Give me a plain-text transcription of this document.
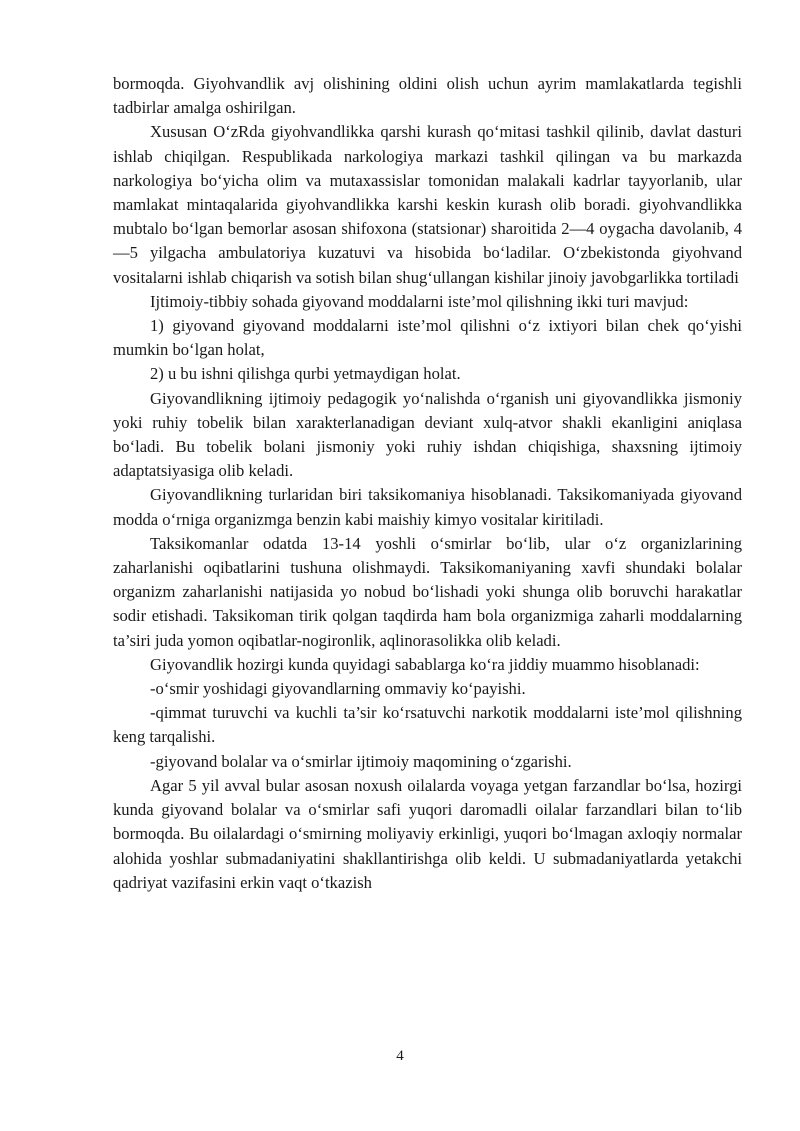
bormoqda. Giyohvandlik avj olishining oldini olish uchun ayrim mamlakatlarda tegishli tadbirlar amalga oshirilgan.

Xususan O‘zRda giyohvandlikka qarshi kurash qo‘mitasi tashkil qilinib, davlat dasturi ishlab chiqilgan. Respublikada narkologiya markazi tashkil qilingan va bu markazda narkologiya bo‘yicha olim va mutaxassislar tomonidan malakali kadrlar tayyorlanib, ular mamlakat mintaqalarida giyohvandlikka karshi keskin kurash olib boradi. giyohvandlikka mubtalo bo‘lgan bemorlar asosan shifoxona (statsionar) sharoitida 2—4 oygacha davolanib, 4—5 yilgacha ambulatoriya kuzatuvi va hisobida bo‘ladilar. O‘zbekistonda giyohvand vositalarni ishlab chiqarish va sotish bilan shug‘ullangan kishilar jinoiy javobgarlikka tortiladi

Ijtimoiy-tibbiy sohada giyovand moddalarni iste’mol qilishning ikki turi mavjud:

1) giyovand giyovand moddalarni iste’mol qilishni o‘z ixtiyori bilan chek qo‘yishi mumkin bo‘lgan holat,

2) u bu ishni qilishga qurbi yetmaydigan holat.

Giyovandlikning ijtimoiy pedagogik yo‘nalishda o‘rganish uni giyovandlikka jismoniy yoki ruhiy tobelik bilan xarakterlanadigan deviant xulq-atvor shakli ekanligini aniqlasa bo‘ladi. Bu tobelik bolani jismoniy yoki ruhiy ishdan chiqishiga, shaxsning ijtimoiy adaptatsiyasiga olib keladi.

Giyovandlikning turlaridan biri taksikomaniya hisoblanadi. Taksikomaniyada giyovand modda o‘rniga organizmga benzin kabi maishiy kimyo vositalar kiritiladi.

Taksikomanlar odatda 13-14 yoshli o‘smirlar bo‘lib, ular o‘z organizlarining zaharlanishi oqibatlarini tushuna olishmaydi. Taksikomaniyaning xavfi shundaki bolalar organizm zaharlanishi natijasida yo nobud bo‘lishadi yoki shunga olib boruvchi harakatlar sodir etishadi. Taksikoman tirik qolgan taqdirda ham bola organizmiga zaharli moddalarning ta’siri juda yomon oqibatlar-nogironlik, aqlinorasolikka olib keladi.

Giyovandlik hozirgi kunda quyidagi sabablarga ko‘ra jiddiy muammo hisoblanadi:

-o‘smir yoshidagi giyovandlarning ommaviy ko‘payishi.

-qimmat turuvchi va kuchli ta’sir ko‘rsatuvchi narkotik moddalarni iste’mol qilishning keng tarqalishi.

-giyovand bolalar va o‘smirlar ijtimoiy maqomining o‘zgarishi.

Agar 5 yil avval bular asosan noxush oilalarda voyaga yetgan farzandlar bo‘lsa, hozirgi kunda giyovand bolalar va o‘smirlar safi yuqori daromadli oilalar farzandlari bilan to‘lib bormoqda. Bu oilalardagi o‘smirning moliyaviy erkinligi, yuqori bo‘lmagan axloqiy normalar alohida yoshlar submadaniyatini shakllantirishga olib keldi. U submadaniyatlarda yetakchi qadriyat vazifasini erkin vaqt o‘tkazish

4
